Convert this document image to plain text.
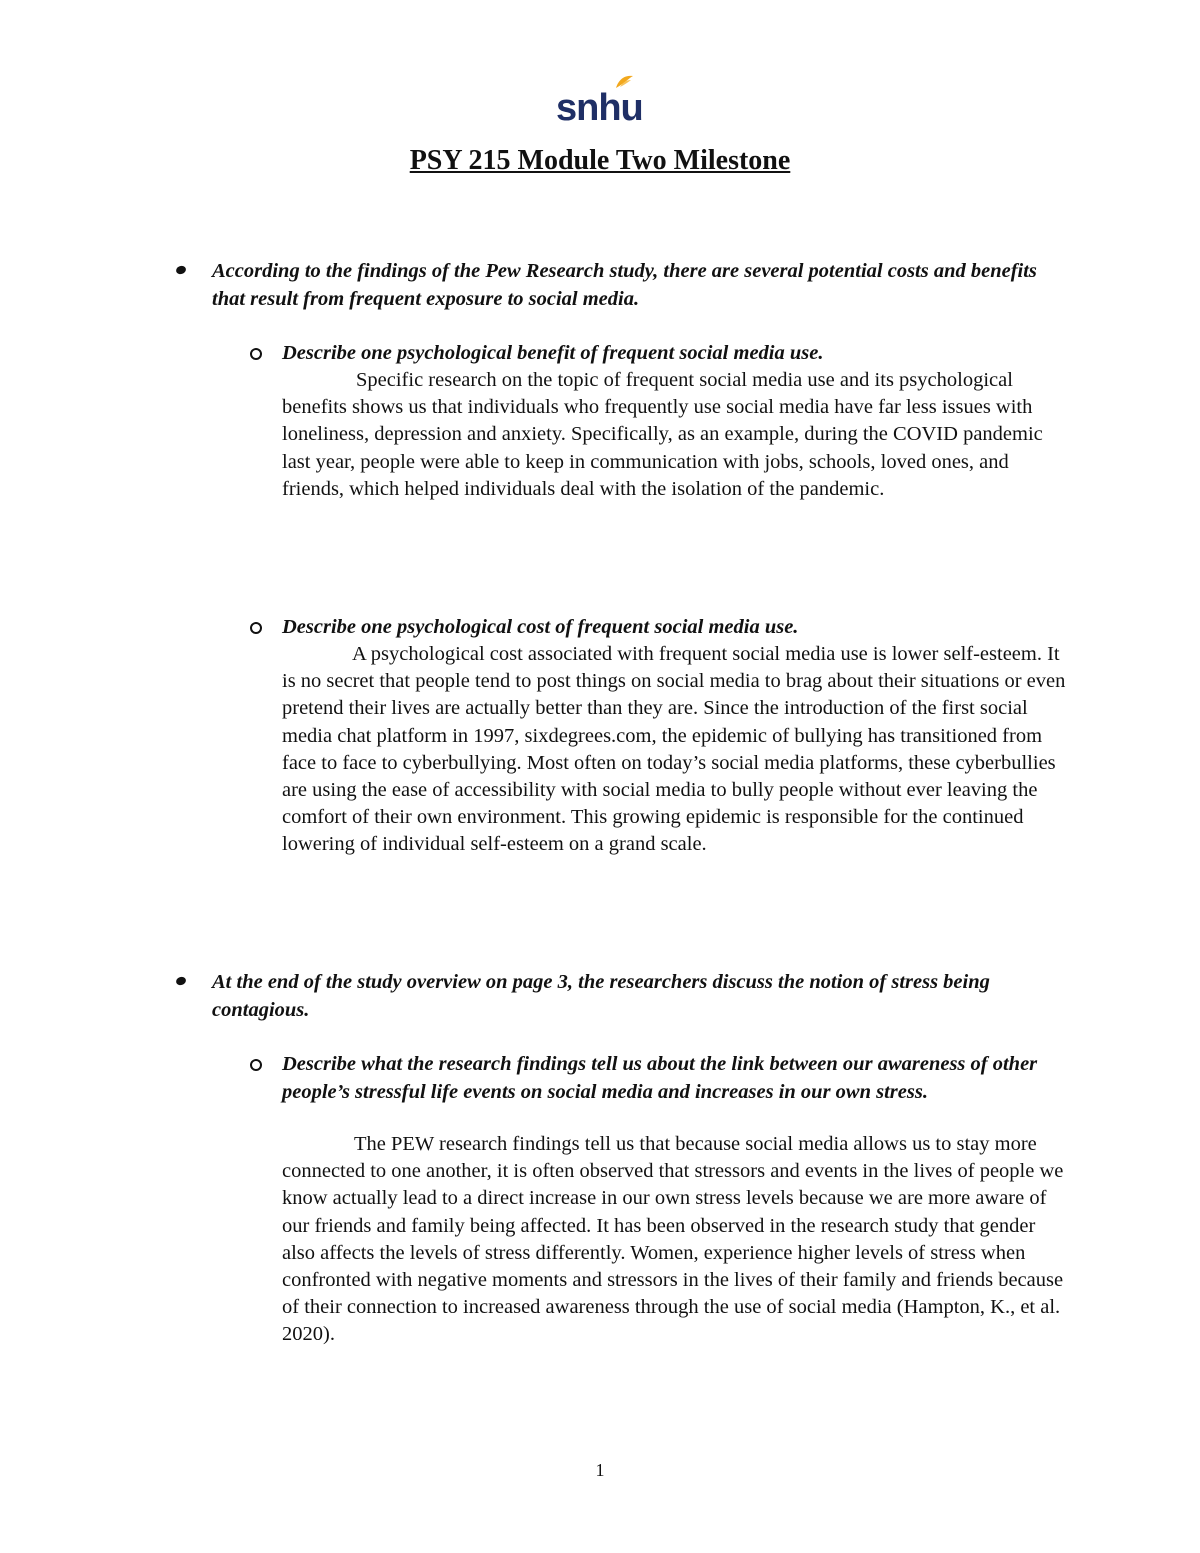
snhu
PSY 215 Module Two Milestone
According to the findings of the Pew Research study, there are several potential costs and benefits that result from frequent exposure to social media.
Describe one psychological benefit of frequent social media use.
Specific research on the topic of frequent social media use and its psychological benefits shows us that individuals who frequently use social media have far less issues with loneliness, depression and anxiety. Specifically, as an example, during the COVID pandemic last year, people were able to keep in communication with jobs, schools, loved ones, and friends, which helped individuals deal with the isolation of the pandemic.
Describe one psychological cost of frequent social media use.
A psychological cost associated with frequent social media use is lower self-esteem. It is no secret that people tend to post things on social media to brag about their situations or even pretend their lives are actually better than they are. Since the introduction of the first social media chat platform in 1997, sixdegrees.com, the epidemic of bullying has transitioned from face to face to cyberbullying. Most often on today’s social media platforms, these cyberbullies are using the ease of accessibility with social media to bully people without ever leaving the comfort of their own environment. This growing epidemic is responsible for the continued lowering of individual self-esteem on a grand scale.
At the end of the study overview on page 3, the researchers discuss the notion of stress being contagious.
Describe what the research findings tell us about the link between our awareness of other people’s stressful life events on social media and increases in our own stress.
The PEW research findings tell us that because social media allows us to stay more connected to one another, it is often observed that stressors and events in the lives of people we know actually lead to a direct increase in our own stress levels because we are more aware of our friends and family being affected. It has been observed in the research study that gender also affects the levels of stress differently. Women, experience higher levels of stress when confronted with negative moments and stressors in the lives of their family and friends because of their connection to increased awareness through the use of social media (Hampton, K., et al. 2020).
1
